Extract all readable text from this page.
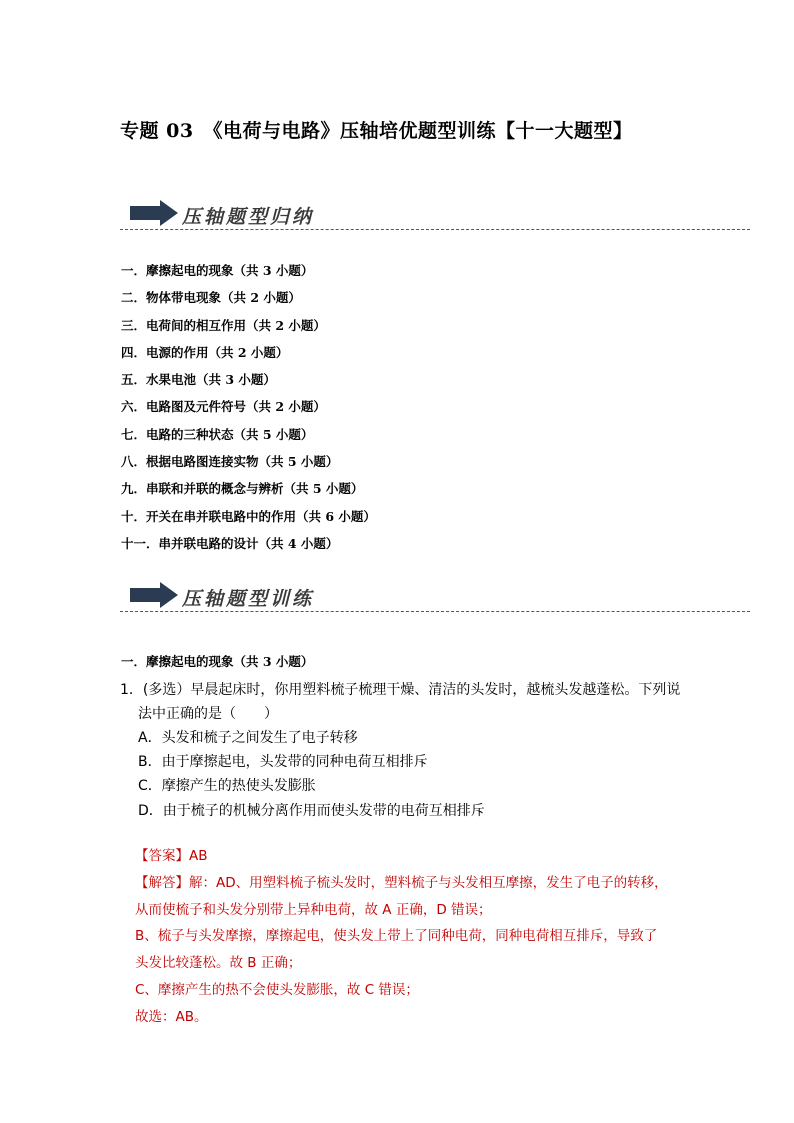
专题 03　《电荷与电路》压轴培优题型训练【十一大题型】
压轴题型归纳
一．摩擦起电的现象（共 3 小题）
二．物体带电现象（共 2 小题）
三．电荷间的相互作用（共 2 小题）
四．电源的作用（共 2 小题）
五．水果电池（共 3 小题）
六．电路图及元件符号（共 2 小题）
七．电路的三种状态（共 5 小题）
八．根据电路图连接实物（共 5 小题）
九．串联和并联的概念与辨析（共 5 小题）
十．开关在串并联电路中的作用（共 6 小题）
十一．串并联电路的设计（共 4 小题）
压轴题型训练
一．摩擦起电的现象（共 3 小题）
1．(多选）早晨起床时，你用塑料梳子梳理干燥、清洁的头发时，越梳头发越蓬松。下列说
法中正确的是（　　）
A．头发和梳子之间发生了电子转移
B．由于摩擦起电，头发带的同种电荷互相排斥
C．摩擦产生的热使头发膨胀
D．由于梳子的机械分离作用而使头发带的电荷互相排斥
【答案】AB
【解答】解：AD、用塑料梳子梳头发时，塑料梳子与头发相互摩擦，发生了电子的转移，
从而使梳子和头发分别带上异种电荷，故 A 正确，D 错误；
B、梳子与头发摩擦，摩擦起电，使头发上带上了同种电荷，同种电荷相互排斥，导致了
头发比较蓬松。故 B 正确；
C、摩擦产生的热不会使头发膨胀，故 C 错误；
故选：AB。
